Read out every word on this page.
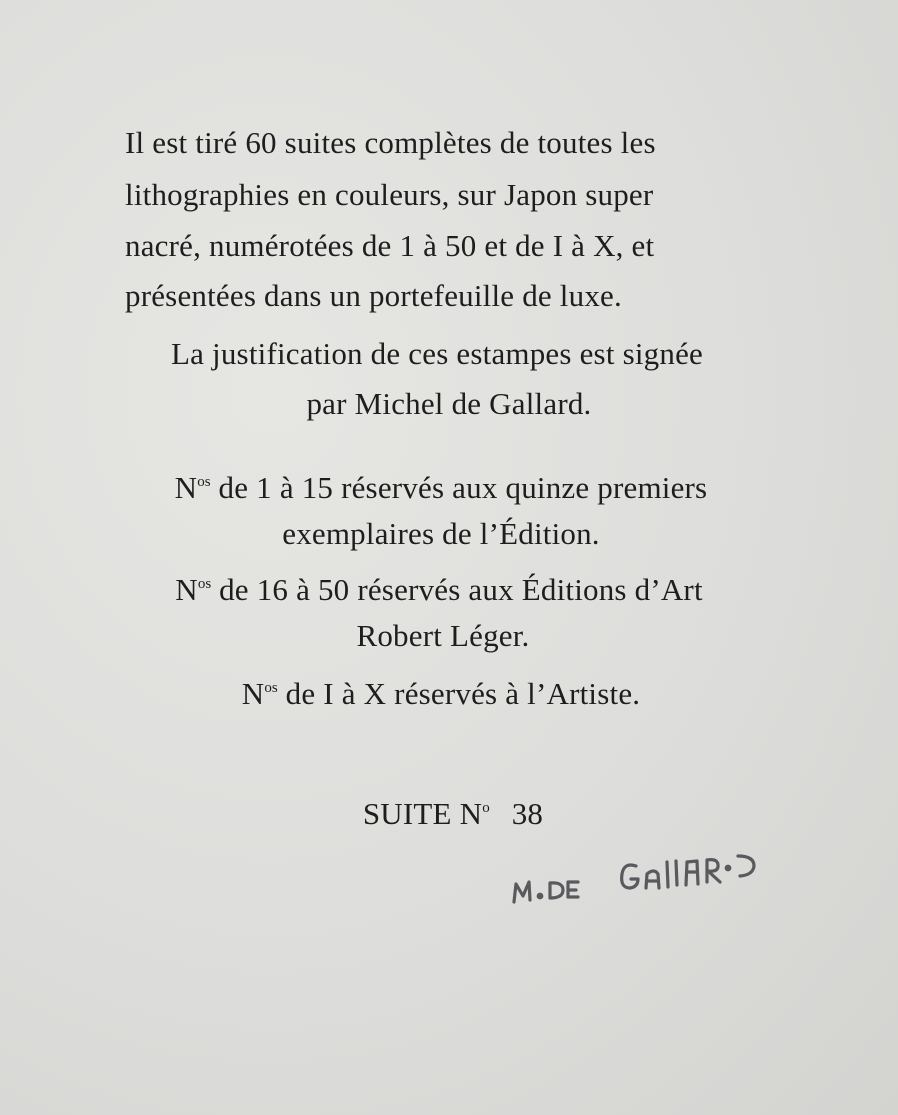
Il est tiré 60 suites complètes de toutes les
lithographies en couleurs, sur Japon super
nacré, numérotées de 1 à 50 et de I à X, et
présentées dans un portefeuille de luxe.
La justification de ces estampes est signée
par Michel de Gallard.
$N^{os}$ de 1 à 15 réservés aux quinze premiers
exemplaires de l’Édition.
$N^{os}$ de 16 à 50 réservés aux Éditions d’Art
Robert Léger.
$N^{os}$ de I à X réservés à l’Artiste.
SUITE $N^o$ 38
